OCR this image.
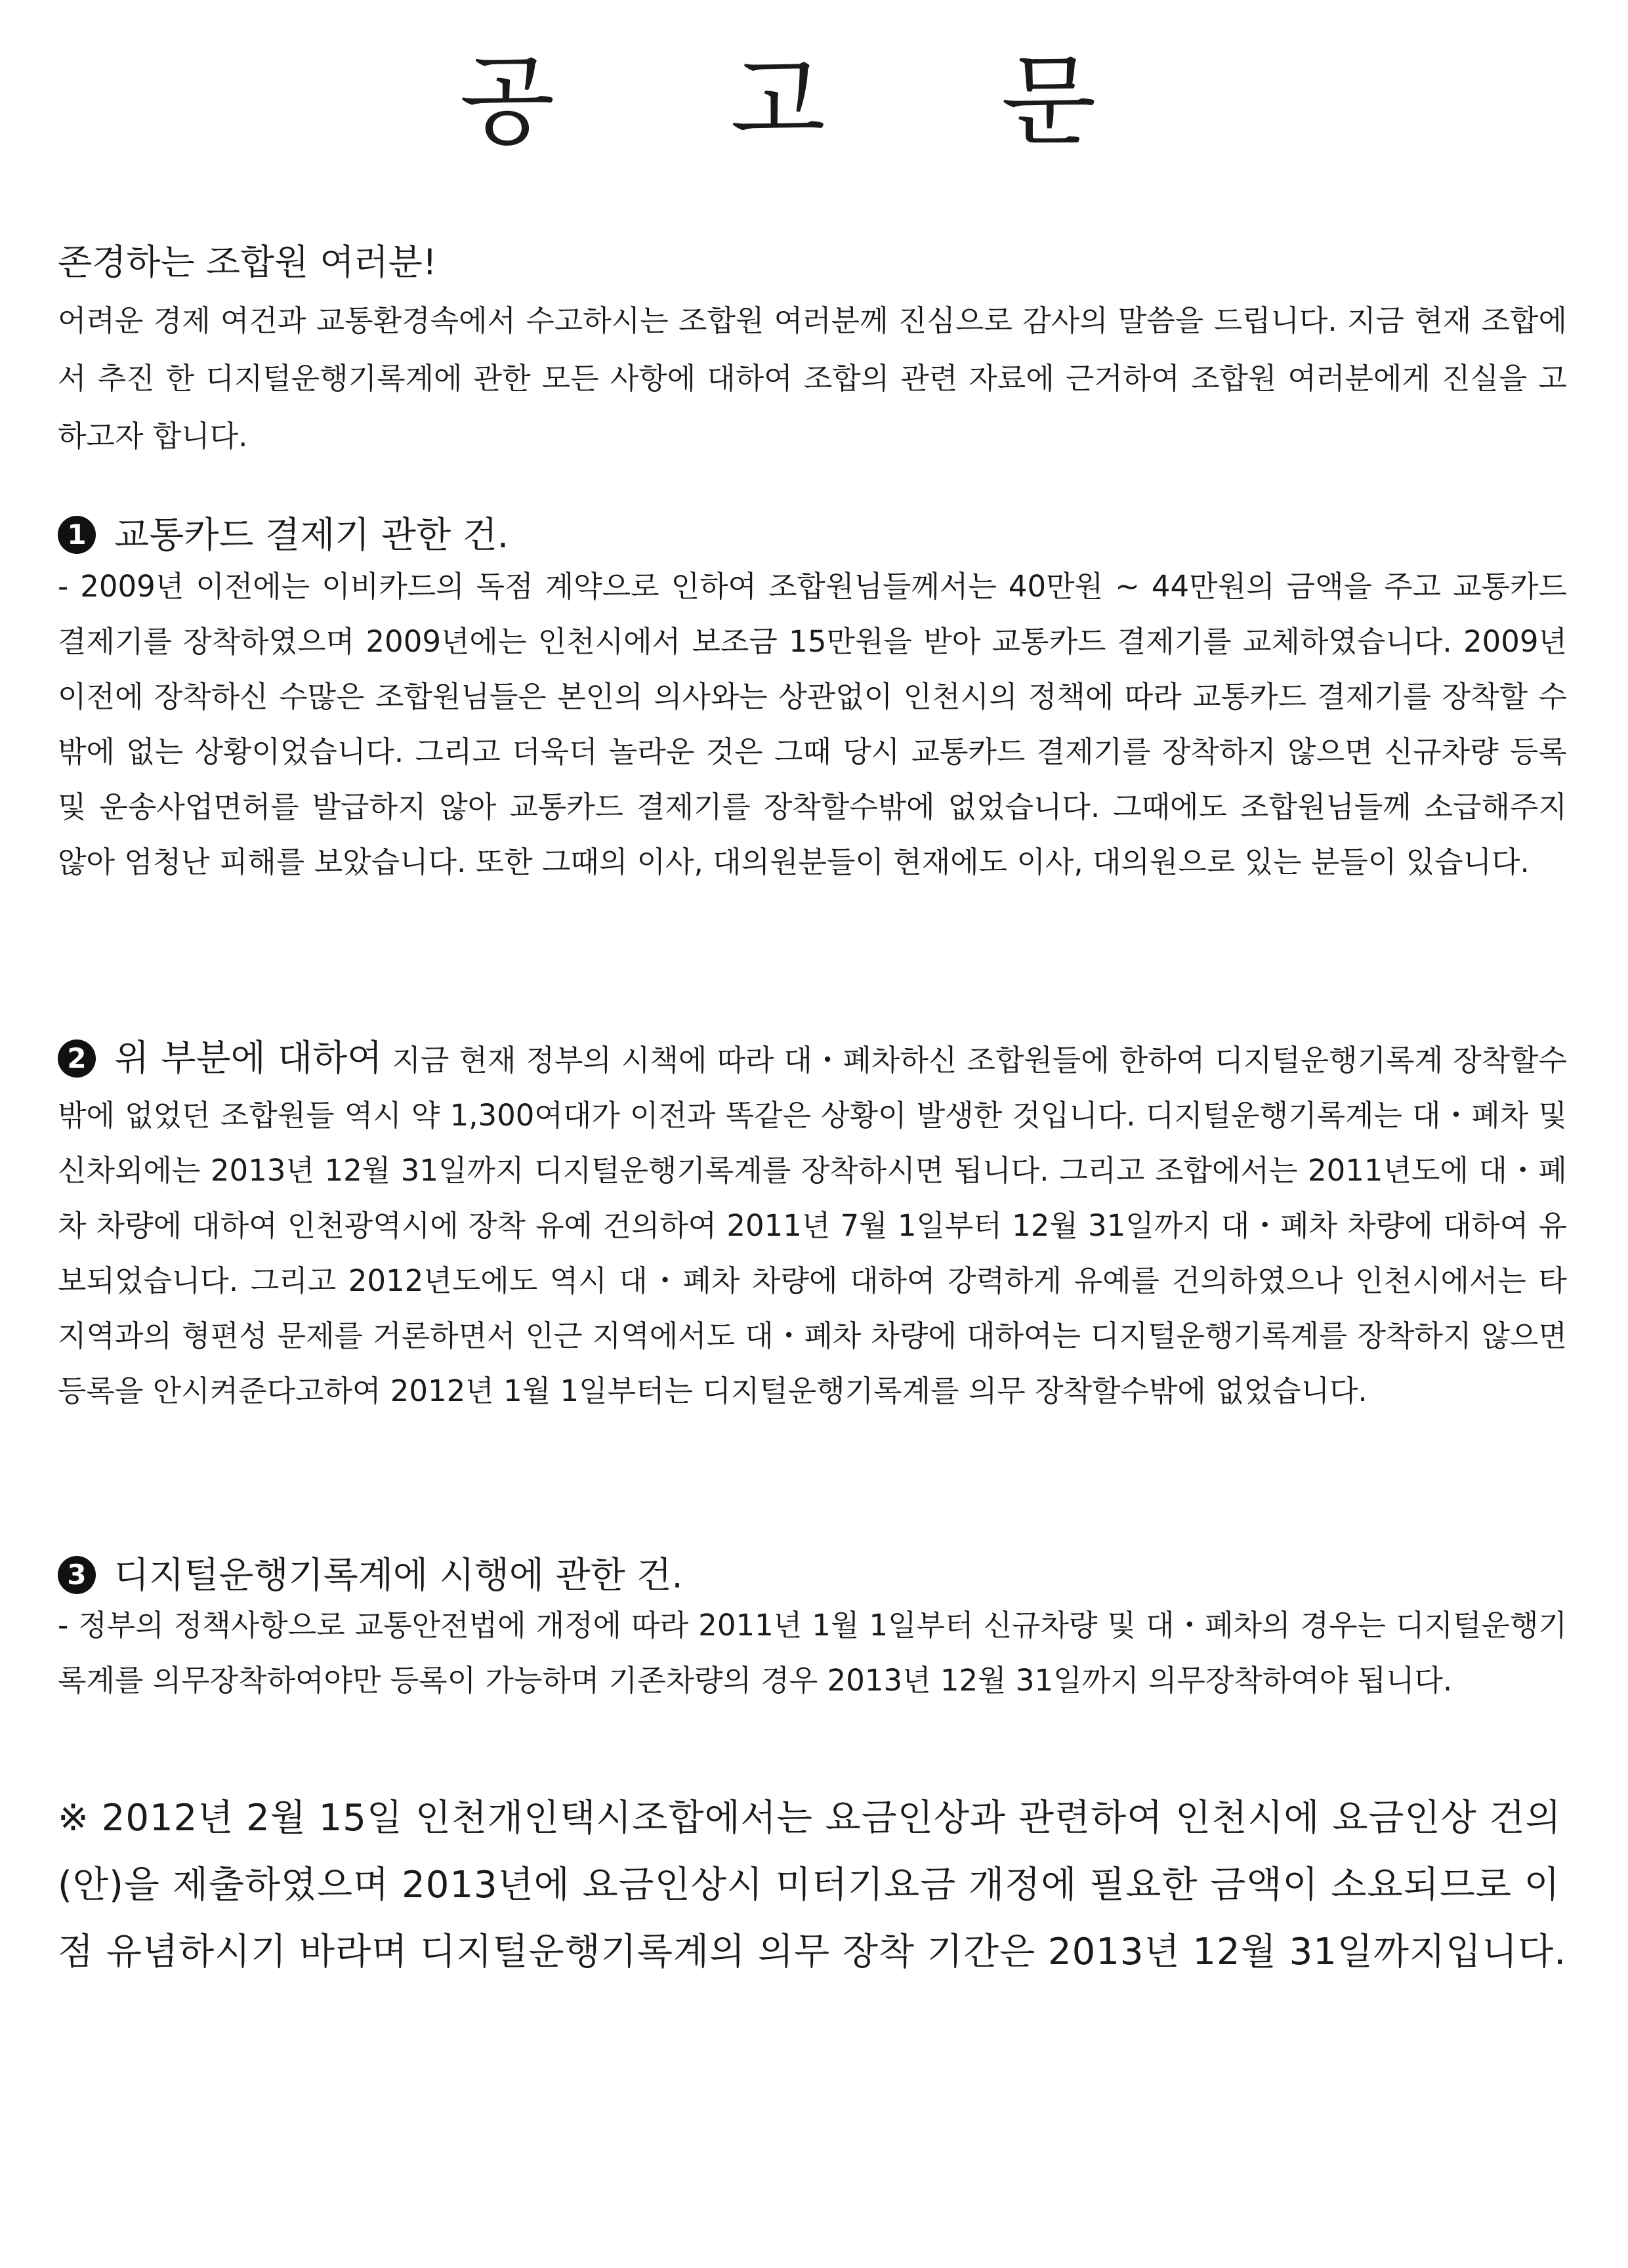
공 고 문
존경하는 조합원 여러분!
어려운 경제 여건과 교통환경속에서 수고하시는 조합원 여러분께 진심으로 감사의 말씀을 드립니다. 지금 현재 조합에서 추진 한 디지털운행기록계에 관한 모든 사항에 대하여 조합의 관련 자료에 근거하여 조합원 여러분에게 진실을 고하고자 합니다.
1 교통카드 결제기 관한 건.
- 2009년 이전에는 이비카드의 독점 계약으로 인하여 조합원님들께서는 40만원 ~ 44만원의 금액을 주고 교통카드 결제기를 장착하였으며 2009년에는 인천시에서 보조금 15만원을 받아 교통카드 결제기를 교체하였습니다. 2009년 이전에 장착하신 수많은 조합원님들은 본인의 의사와는 상관없이 인천시의 정책에 따라 교통카드 결제기를 장착할 수밖에 없는 상황이었습니다. 그리고 더욱더 놀라운 것은 그때 당시 교통카드 결제기를 장착하지 않으면 신규차량 등록 및 운송사업면허를 발급하지 않아 교통카드 결제기를 장착할수밖에 없었습니다. 그때에도 조합원님들께 소급해주지 않아 엄청난 피해를 보았습니다. 또한 그때의 이사, 대의원분들이 현재에도 이사, 대의원으로 있는 분들이 있습니다.
2 위 부분에 대하여 지금 현재 정부의 시책에 따라 대・폐차하신 조합원들에 한하여 디지털운행기록계 장착할수밖에 없었던 조합원들 역시 약 1,300여대가 이전과 똑같은 상황이 발생한 것입니다. 디지털운행기록계는 대・폐차 및 신차외에는 2013년 12월 31일까지 디지털운행기록계를 장착하시면 됩니다. 그리고 조합에서는 2011년도에 대・폐차 차량에 대하여 인천광역시에 장착 유예 건의하여 2011년 7월 1일부터 12월 31일까지 대・폐차 차량에 대하여 유보되었습니다. 그리고 2012년도에도 역시 대・폐차 차량에 대하여 강력하게 유예를 건의하였으나 인천시에서는 타 지역과의 형편성 문제를 거론하면서 인근 지역에서도 대・폐차 차량에 대하여는 디지털운행기록계를 장착하지 않으면 등록을 안시켜준다고하여 2012년 1월 1일부터는 디지털운행기록계를 의무 장착할수밖에 없었습니다.
3 디지털운행기록계에 시행에 관한 건.
- 정부의 정책사항으로 교통안전법에 개정에 따라 2011년 1월 1일부터 신규차량 및 대・폐차의 경우는 디지털운행기록계를 의무장착하여야만 등록이 가능하며 기존차량의 경우 2013년 12월 31일까지 의무장착하여야 됩니다.
※ 2012년 2월 15일 인천개인택시조합에서는 요금인상과 관련하여 인천시에 요금인상 건의(안)을 제출하였으며 2013년에 요금인상시 미터기요금 개정에 필요한 금액이 소요되므로 이점 유념하시기 바라며 디지털운행기록계의 의무 장착 기간은 2013년 12월 31일까지입니다.
